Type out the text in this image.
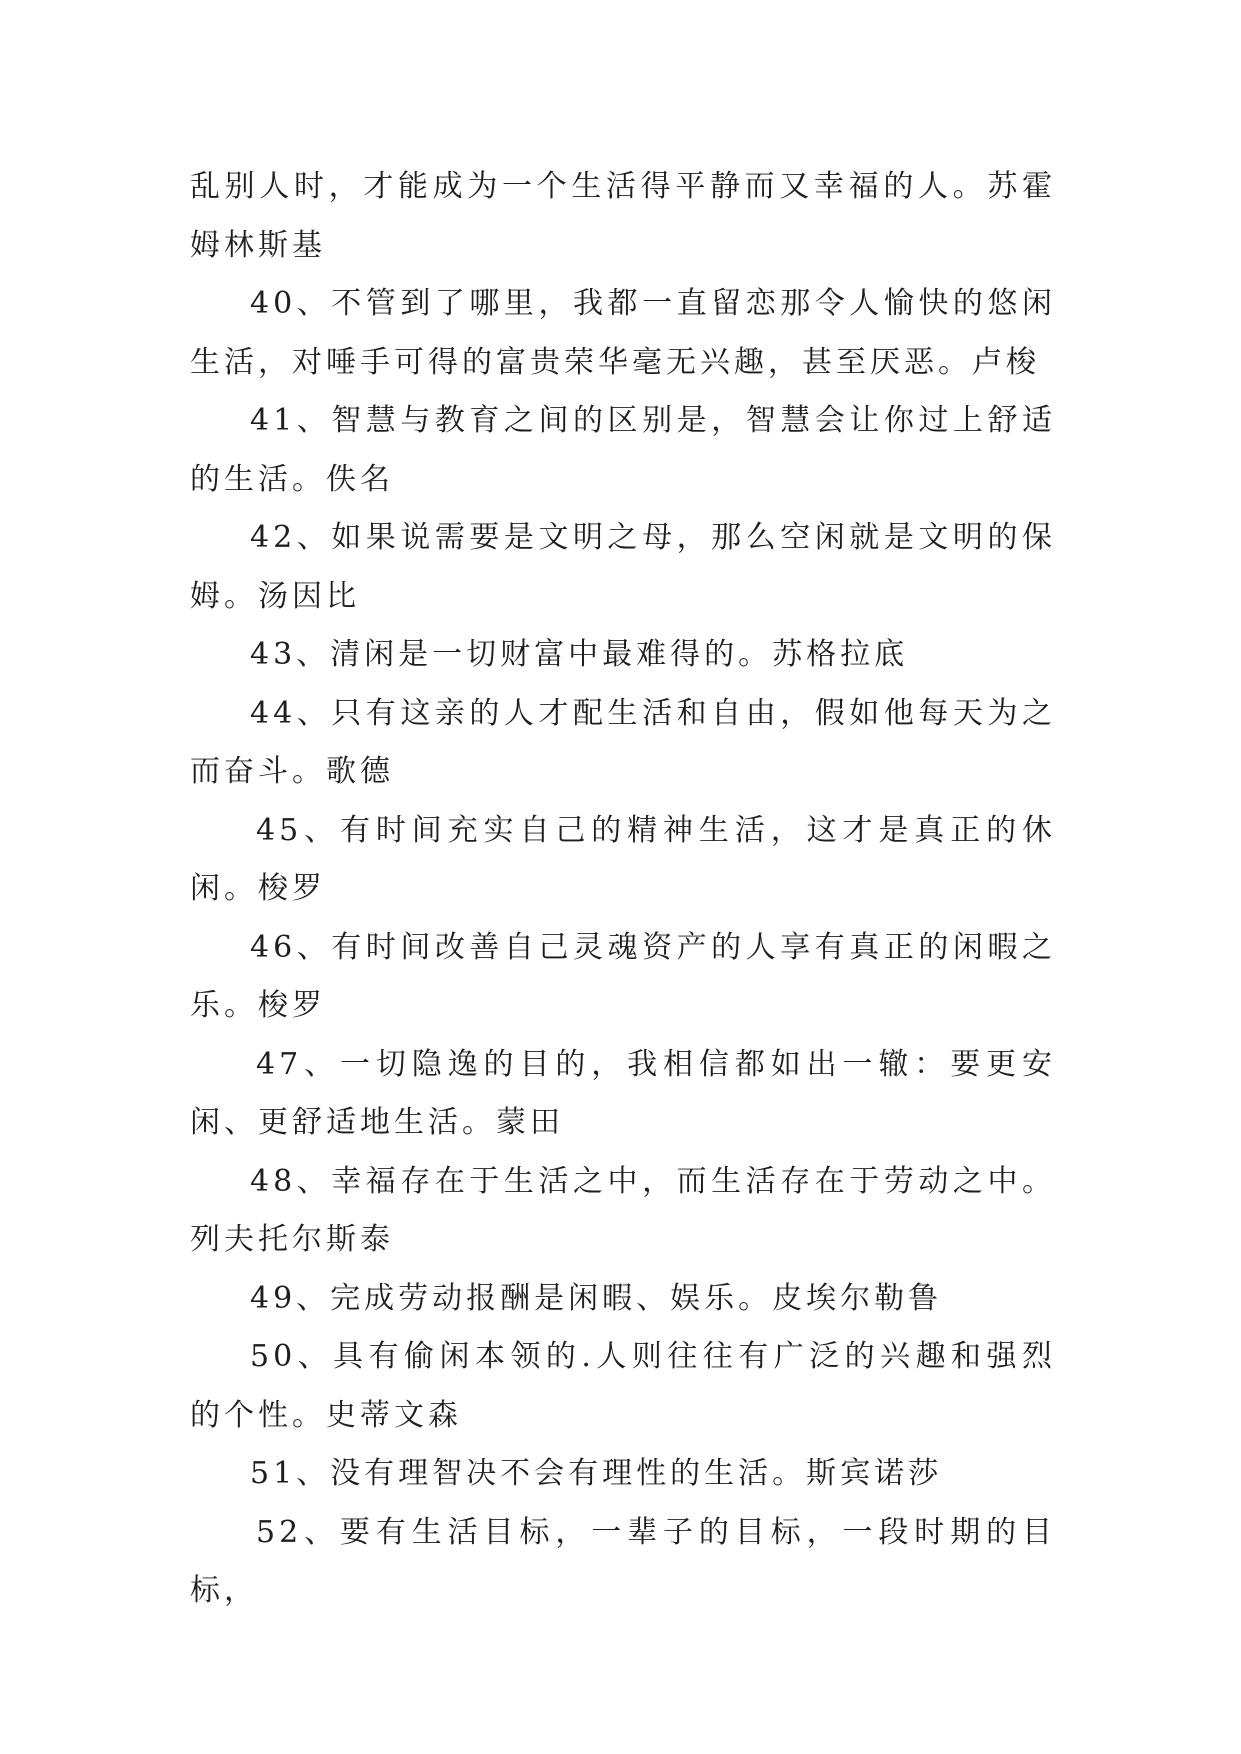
乱别人时，才能成为一个生活得平静而又幸福的人。苏霍姆林斯基

40、不管到了哪里，我都一直留恋那令人愉快的悠闲生活，对唾手可得的富贵荣华毫无兴趣，甚至厌恶。卢梭

41、智慧与教育之间的区别是，智慧会让你过上舒适的生活。佚名

42、如果说需要是文明之母，那么空闲就是文明的保姆。汤因比

43、清闲是一切财富中最难得的。苏格拉底

44、只有这亲的人才配生活和自由，假如他每天为之而奋斗。歌德

45、有时间充实自己的精神生活，这才是真正的休闲。梭罗

46、有时间改善自己灵魂资产的人享有真正的闲暇之乐。梭罗

47、一切隐逸的目的，我相信都如出一辙：要更安闲、更舒适地生活。蒙田

48、幸福存在于生活之中，而生活存在于劳动之中。列夫托尔斯泰

49、完成劳动报酬是闲暇、娱乐。皮埃尔勒鲁

50、具有偷闲本领的.人则往往有广泛的兴趣和强烈的个性。史蒂文森

51、没有理智决不会有理性的生活。斯宾诺莎

52、要有生活目标，一辈子的目标，一段时期的目标，
